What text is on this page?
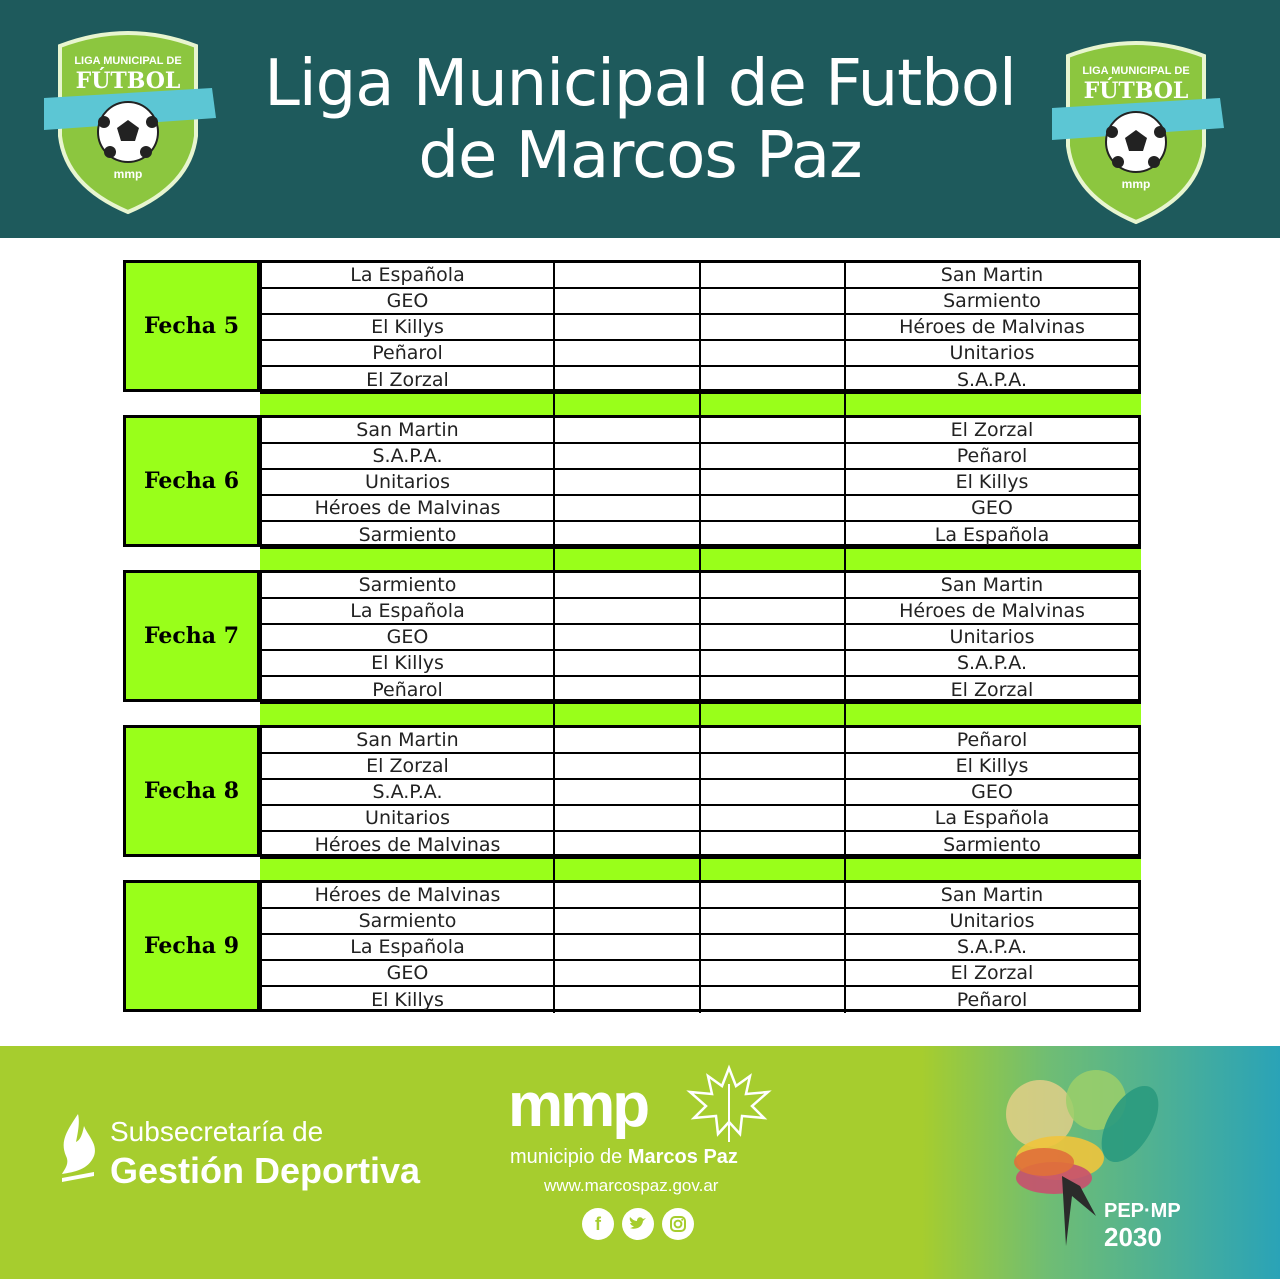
LIGA MUNICIPAL DE
FÚTBOL
mmp
Liga Municipal de Futbol
de Marcos Paz
LIGA MUNICIPAL DE
FÚTBOL
mmp
Fecha 5
La Española	San Martin
GEO	Sarmiento
El Killys	Héroes de Malvinas
Peñarol	Unitarios
El Zorzal	S.A.P.A.
Fecha 6
San Martin	El Zorzal
S.A.P.A.	Peñarol
Unitarios	El Killys
Héroes de Malvinas	GEO
Sarmiento	La Española
Fecha 7
Sarmiento	San Martin
La Española	Héroes de Malvinas
GEO	Unitarios
El Killys	S.A.P.A.
Peñarol	El Zorzal
Fecha 8
San Martin	Peñarol
El Zorzal	El Killys
S.A.P.A.	GEO
Unitarios	La Española
Héroes de Malvinas	Sarmiento
Fecha 9
Héroes de Malvinas	San Martin
Sarmiento	Unitarios
La Española	S.A.P.A.
GEO	El Zorzal
El Killys	Peñarol
Subsecretaría de
Gestión Deportiva
mmp
municipio de Marcos Paz
www.marcospaz.gov.ar
f
PEP·MP
2030
